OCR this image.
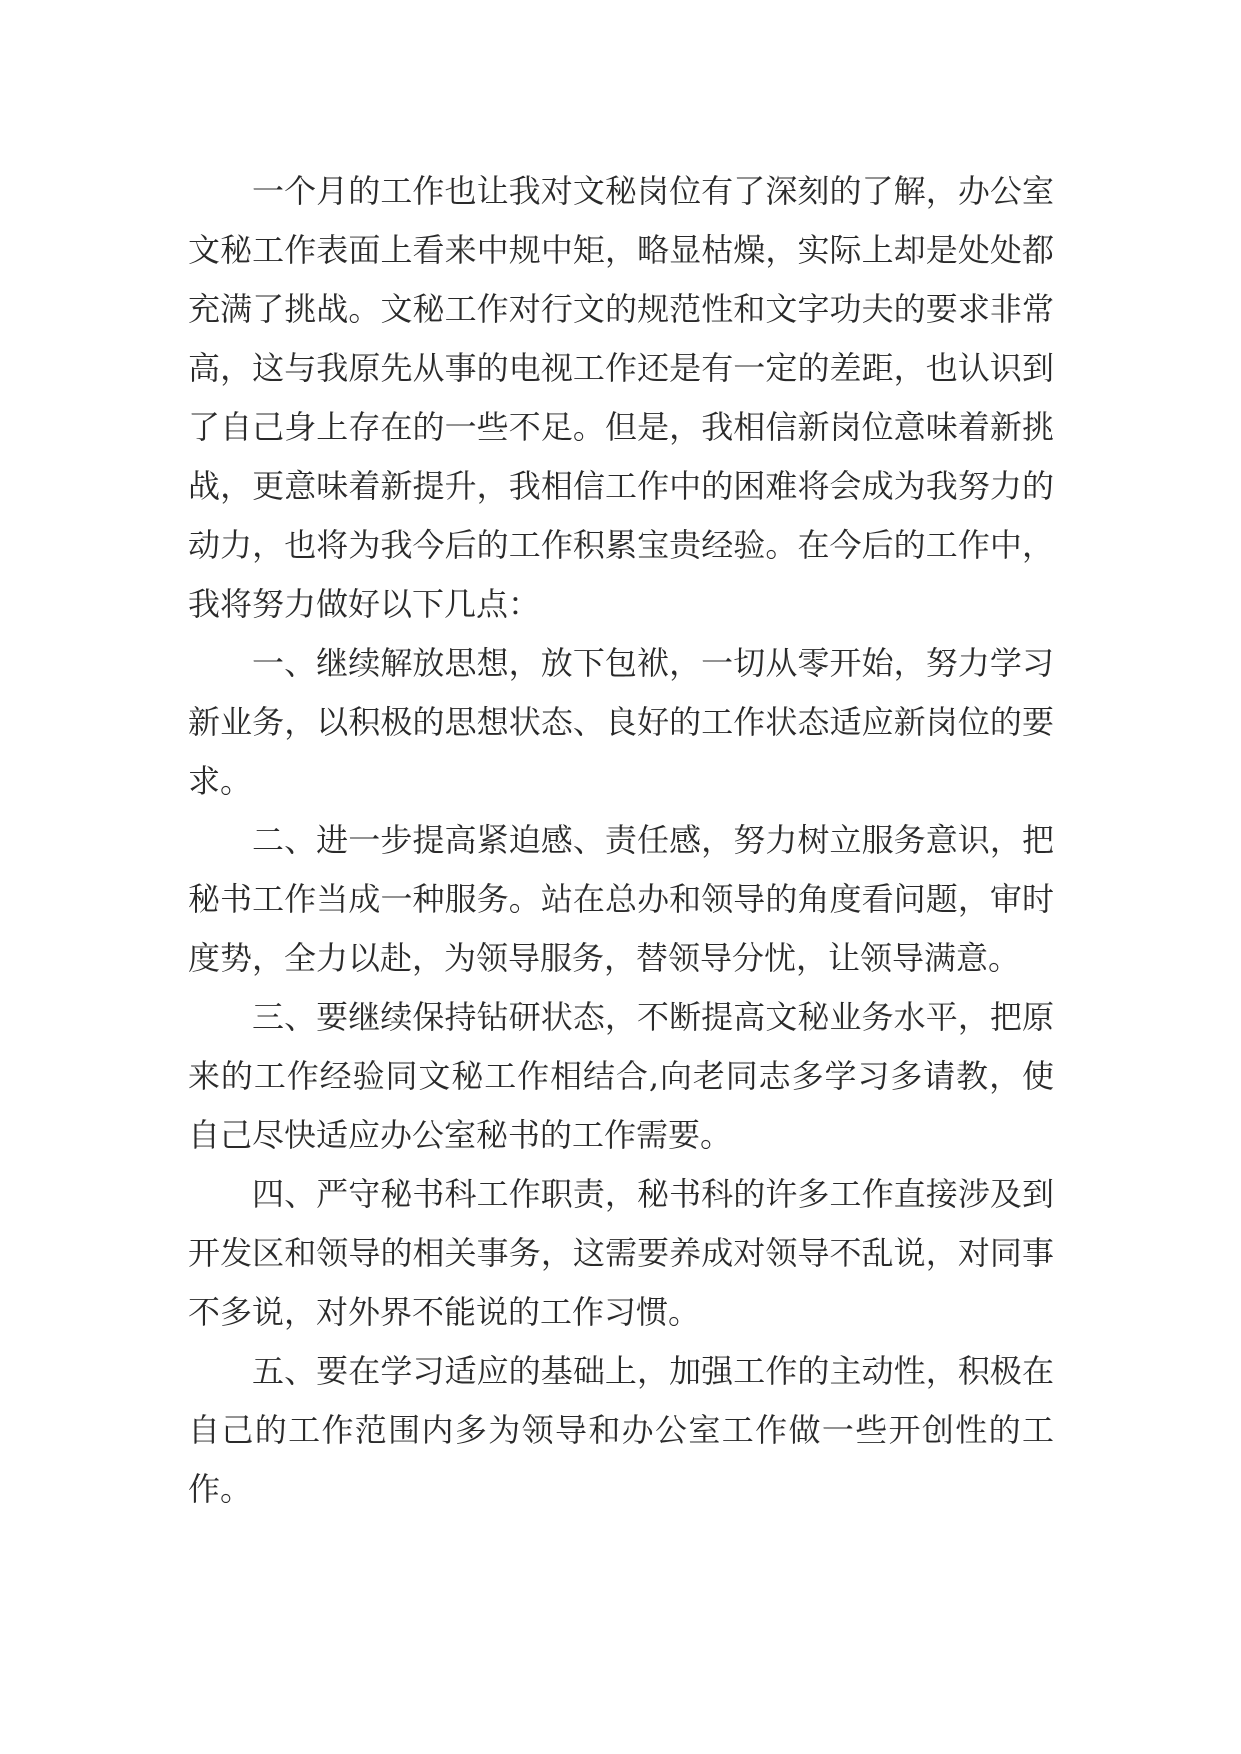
一个月的工作也让我对文秘岗位有了深刻的了解，办公室文秘工作表面上看来中规中矩，略显枯燥，实际上却是处处都充满了挑战。文秘工作对行文的规范性和文字功夫的要求非常高，这与我原先从事的电视工作还是有一定的差距，也认识到了自己身上存在的一些不足。但是，我相信新岗位意味着新挑战，更意味着新提升，我相信工作中的困难将会成为我努力的动力，也将为我今后的工作积累宝贵经验。在今后的工作中，我将努力做好以下几点：

一、继续解放思想，放下包袱，一切从零开始，努力学习新业务，以积极的思想状态、良好的工作状态适应新岗位的要求。

二、进一步提高紧迫感、责任感，努力树立服务意识，把秘书工作当成一种服务。站在总办和领导的角度看问题，审时度势，全力以赴，为领导服务，替领导分忧，让领导满意。

三、要继续保持钻研状态，不断提高文秘业务水平，把原来的工作经验同文秘工作相结合,向老同志多学习多请教，使自己尽快适应办公室秘书的工作需要。

四、严守秘书科工作职责，秘书科的许多工作直接涉及到开发区和领导的相关事务，这需要养成对领导不乱说，对同事不多说，对外界不能说的工作习惯。

五、要在学习适应的基础上，加强工作的主动性，积极在自己的工作范围内多为领导和办公室工作做一些开创性的工作。
